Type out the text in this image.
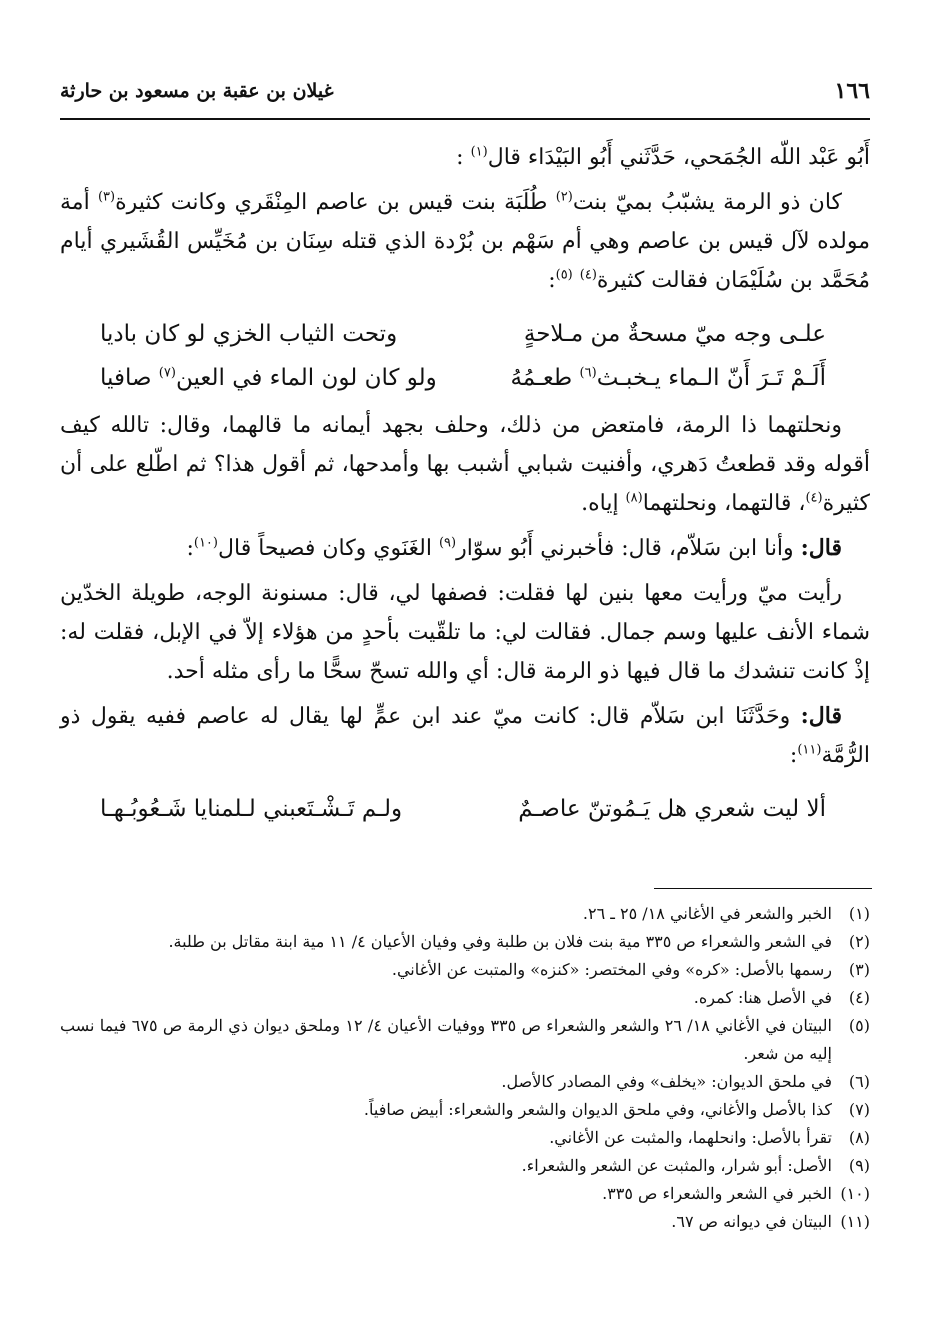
١٦٦
غيلان بن عقبة بن مسعود بن حارثة

أَبُو عَبْد اللّه الجُمَحي، حَدَّثَني أَبُو البَيْدَاء قال$^{(١)}$ :

كان ذو الرمة يشبّبُ بميّ بنت$^{(٢)}$ طُلَبَة بنت قيس بن عاصم المِنْقَري وكانت كثيرة$^{(٣)}$ أمة مولده لآل قيس بن عاصم وهي أم سَهْم بن بُرْدة الذي قتله سِنَان بن مُخَيِّس القُشَيري أيام مُحَمَّد بن سُلَيْمَان فقالت كثيرة$^{(٤)}$ $^{(٥)}$:

علـى وجه ميّ مسحةٌ من مـلاحةٍ
وتحت الثياب الخزي لو كان باديا
أَلَـمْ تَـرَ أَنّ الـماء يـخبـث$^{(٦)}$ طعـمُهُ
ولو كان لون الماء في العين$^{(٧)}$ صافيا

ونحلتهما ذا الرمة، فامتعض من ذلك، وحلف بجهد أيمانه ما قالهما، وقال: تالله كيف أقوله وقد قطعتُ دَهري، وأفنيت شبابي أشبب بها وأمدحها، ثم أقول هذا؟ ثم اطّلع على أن كثيرة$^{(٤)}$، قالتهما، ونحلتهما$^{(٨)}$ إياه.

قال: وأنا ابن سَلاّم، قال: فأخبرني أَبُو سوّار$^{(٩)}$ الغَنَوي وكان فصيحاً قال$^{(١٠)}$:

رأيت ميّ ورأيت معها بنين لها فقلت: فصفها لي، قال: مسنونة الوجه، طويلة الخدّين شماء الأنف عليها وسم جمال. فقالت لي: ما تلقّيت بأحدٍ من هؤلاء إلاّ في الإبل، فقلت له: إذْ كانت تنشدك ما قال فيها ذو الرمة قال: أي والله تسحّ سحًّا ما رأى مثله أحد.

قال: وحَدَّثَنَا ابن سَلاّم قال: كانت ميّ عند ابن عمٍّ لها يقال له عاصم ففيه يقول ذو الرُّمَّة$^{(١١)}$:

ألا ليت شعري هل يَـمُوتنّ عاصـمٌ
ولـم تَـشْـتَعبني لـلمنايا شَـعُوبُـهـا
(١)
الخبر والشعر في الأغاني ١٨/ ٢٥ ـ ٢٦.
(٢)
في الشعر والشعراء ص ٣٣٥ مية بنت فلان بن طلبة وفي وفيان الأعيان ٤/ ١١ مية ابنة مقاتل بن طلبة.
(٣)
رسمها بالأصل: «كره» وفي المختصر: «كنزه» والمتبت عن الأغاني.
(٤)
في الأصل هنا: كمره.
(٥)
البيتان في الأغاني ١٨/ ٢٦ والشعر والشعراء ص ٣٣٥ ووفيات الأعيان ٤/ ١٢ وملحق ديوان ذي الرمة ص ٦٧٥ فيما نسب إليه من شعر.
(٦)
في ملحق الديوان: «يخلف» وفي المصادر كالأصل.
(٧)
كذا بالأصل والأغاني، وفي ملحق الديوان والشعر والشعراء: أبيض صافياً.
(٨)
تقرأ بالأصل: وانحلهما، والمثبت عن الأغاني.
(٩)
الأصل: أبو شرار، والمثبت عن الشعر والشعراء.
(١٠)
الخبر في الشعر والشعراء ص ٣٣٥.
(١١)
البيتان في ديوانه ص ٦٧.
